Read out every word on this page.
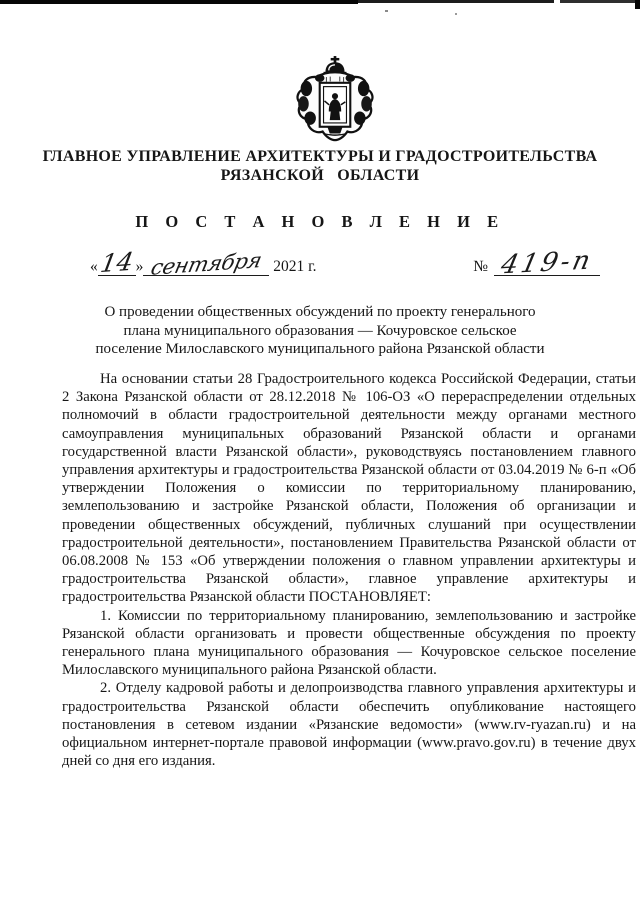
ГЛАВНОЕ УПРАВЛЕНИЕ АРХИТЕКТУРЫ И ГРАДОСТРОИТЕЛЬСТВА
РЯЗАНСКОЙ ОБЛАСТИ
П О С Т А Н О В Л Е Н И Е
«14» сентября 2021 г.	№ 419-п
О проведении общественных обсуждений по проекту генерального плана муниципального образования — Кочуровское сельское поселение Милославского муниципального района Рязанской области

На основании статьи 28 Градостроительного кодекса Российской Федерации, статьи 2 Закона Рязанской области от 28.12.2018 № 106-ОЗ «О перераспределении отдельных полномочий в области градостроительной деятельности между органами местного самоуправления муниципальных образований Рязанской области и органами государственной власти Рязанской области», руководствуясь постановлением главного управления архитектуры и градостроительства Рязанской области от 03.04.2019 № 6-п «Об утверждении Положения о комиссии по территориальному планированию, землепользованию и застройке Рязанской области, Положения об организации и проведении общественных обсуждений, публичных слушаний при осуществлении градостроительной деятельности», постановлением Правительства Рязанской области от 06.08.2008 № 153 «Об утверждении положения о главном управлении архитектуры и градостроительства Рязанской области», главное управление архитектуры и градостроительства Рязанской области ПОСТАНОВЛЯЕТ:

1. Комиссии по территориальному планированию, землепользованию и застройке Рязанской области организовать и провести общественные обсуждения по проекту генерального плана муниципального образования — Кочуровское сельское поселение Милославского муниципального района Рязанской области.

2. Отделу кадровой работы и делопроизводства главного управления архитектуры и градостроительства Рязанской области обеспечить опубликование настоящего постановления в сетевом издании «Рязанские ведомости» (www.rv-ryazan.ru) и на официальном интернет-портале правовой информации (www.pravo.gov.ru) в течение двух дней со дня его издания.
